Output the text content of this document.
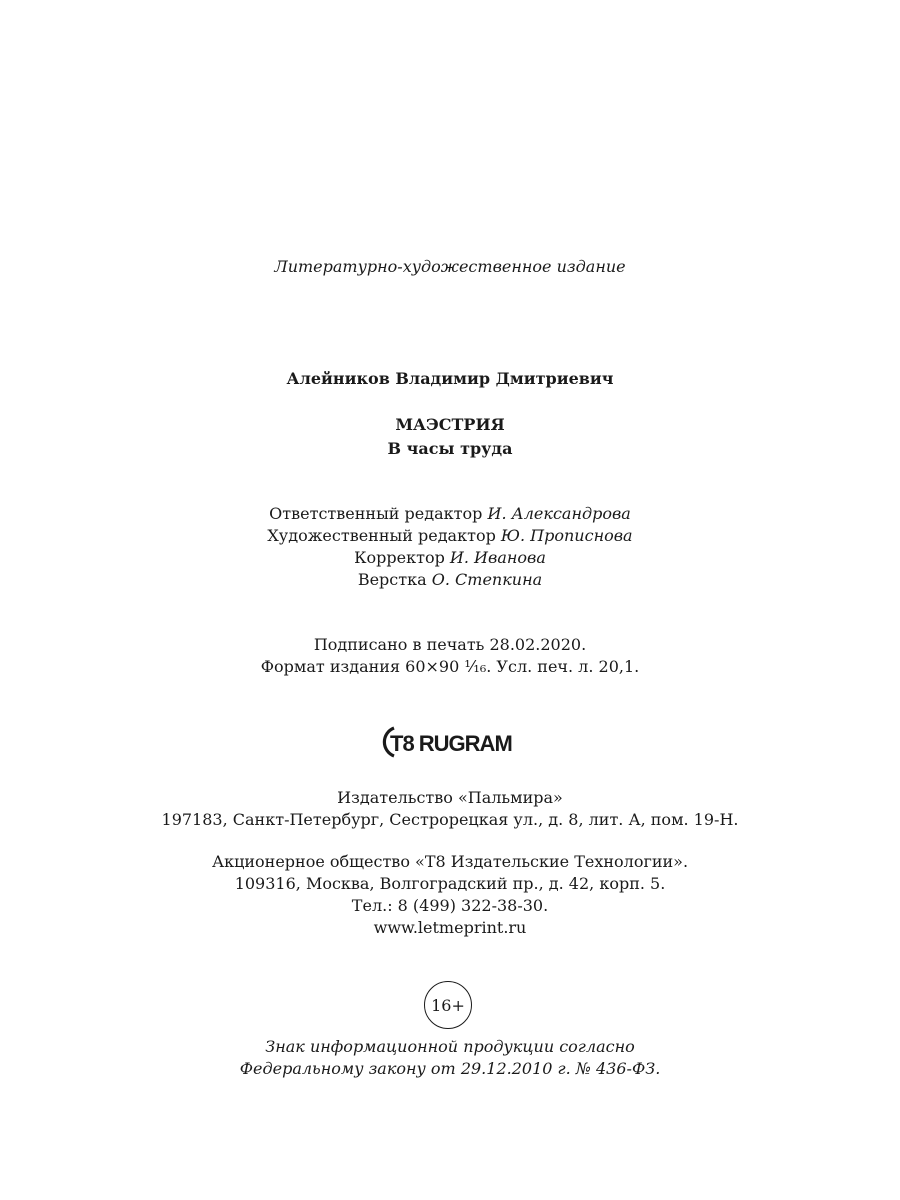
Литературно-художественное издание
Алейников Владимир Дмитриевич
МАЭСТРИЯ
В часы труда
Ответственный редактор И. Александрова
Художественный редактор Ю. Прописнова
Корректор И. Иванова
Верстка О. Степкина
Подписано в печать 28.02.2020.
Формат издания 60×90 ¹⁄₁₆. Усл. печ. л. 20,1.
T8 RUGRAM
Издательство «Пальмира»
197183, Санкт-Петербург, Сестрорецкая ул., д. 8, лит. А, пом. 19-Н.
Акционерное общество «Т8 Издательские Технологии».
109316, Москва, Волгоградский пр., д. 42, корп. 5.
Тел.: 8 (499) 322-38-30.
www.letmeprint.ru
16+
Знак информационной продукции согласно
Федеральному закону от 29.12.2010 г. № 436-ФЗ.
